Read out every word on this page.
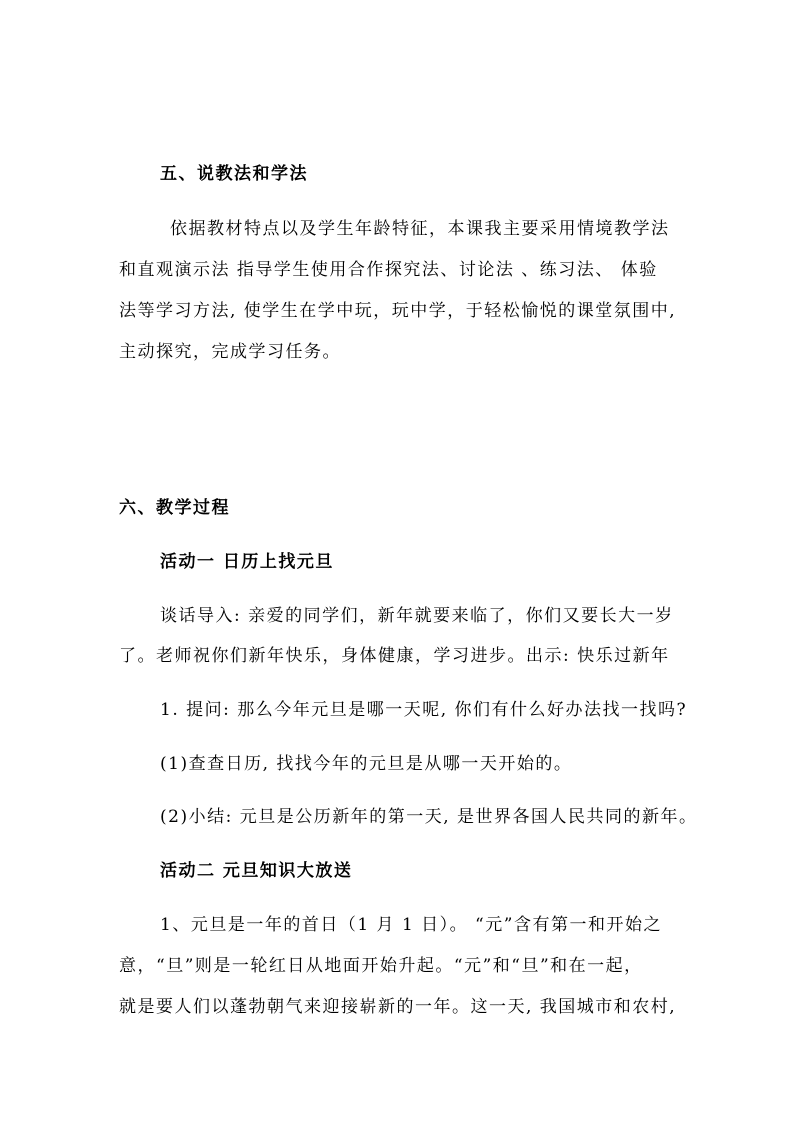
五、说教法和学法
依据教材特点以及学生年龄特征，本课我主要采用情境教学法
和直观演示法 指导学生使用合作探究法、讨论法 、练习法、 体验
法等学习方法, 使学生在学中玩，玩中学，于轻松愉悦的课堂氛围中,
主动探究，完成学习任务。
六、教学过程
活动一 日历上找元旦
谈话导入: 亲爱的同学们，新年就要来临了，你们又要长大一岁
了。老师祝你们新年快乐，身体健康，学习进步。出示: 快乐过新年
1. 提问: 那么今年元旦是哪一天呢, 你们有什么好办法找一找吗?
(1)查查日历, 找找今年的元旦是从哪一天开始的。
(2)小结: 元旦是公历新年的第一天, 是世界各国人民共同的新年。
活动二 元旦知识大放送
1、元旦是一年的首日（1 月 1 日）。 “元”含有第一和开始之
意，“旦”则是一轮红日从地面开始升起。“元”和“旦”和在一起，
就是要人们以蓬勃朝气来迎接崭新的一年。这一天, 我国城市和农村,
